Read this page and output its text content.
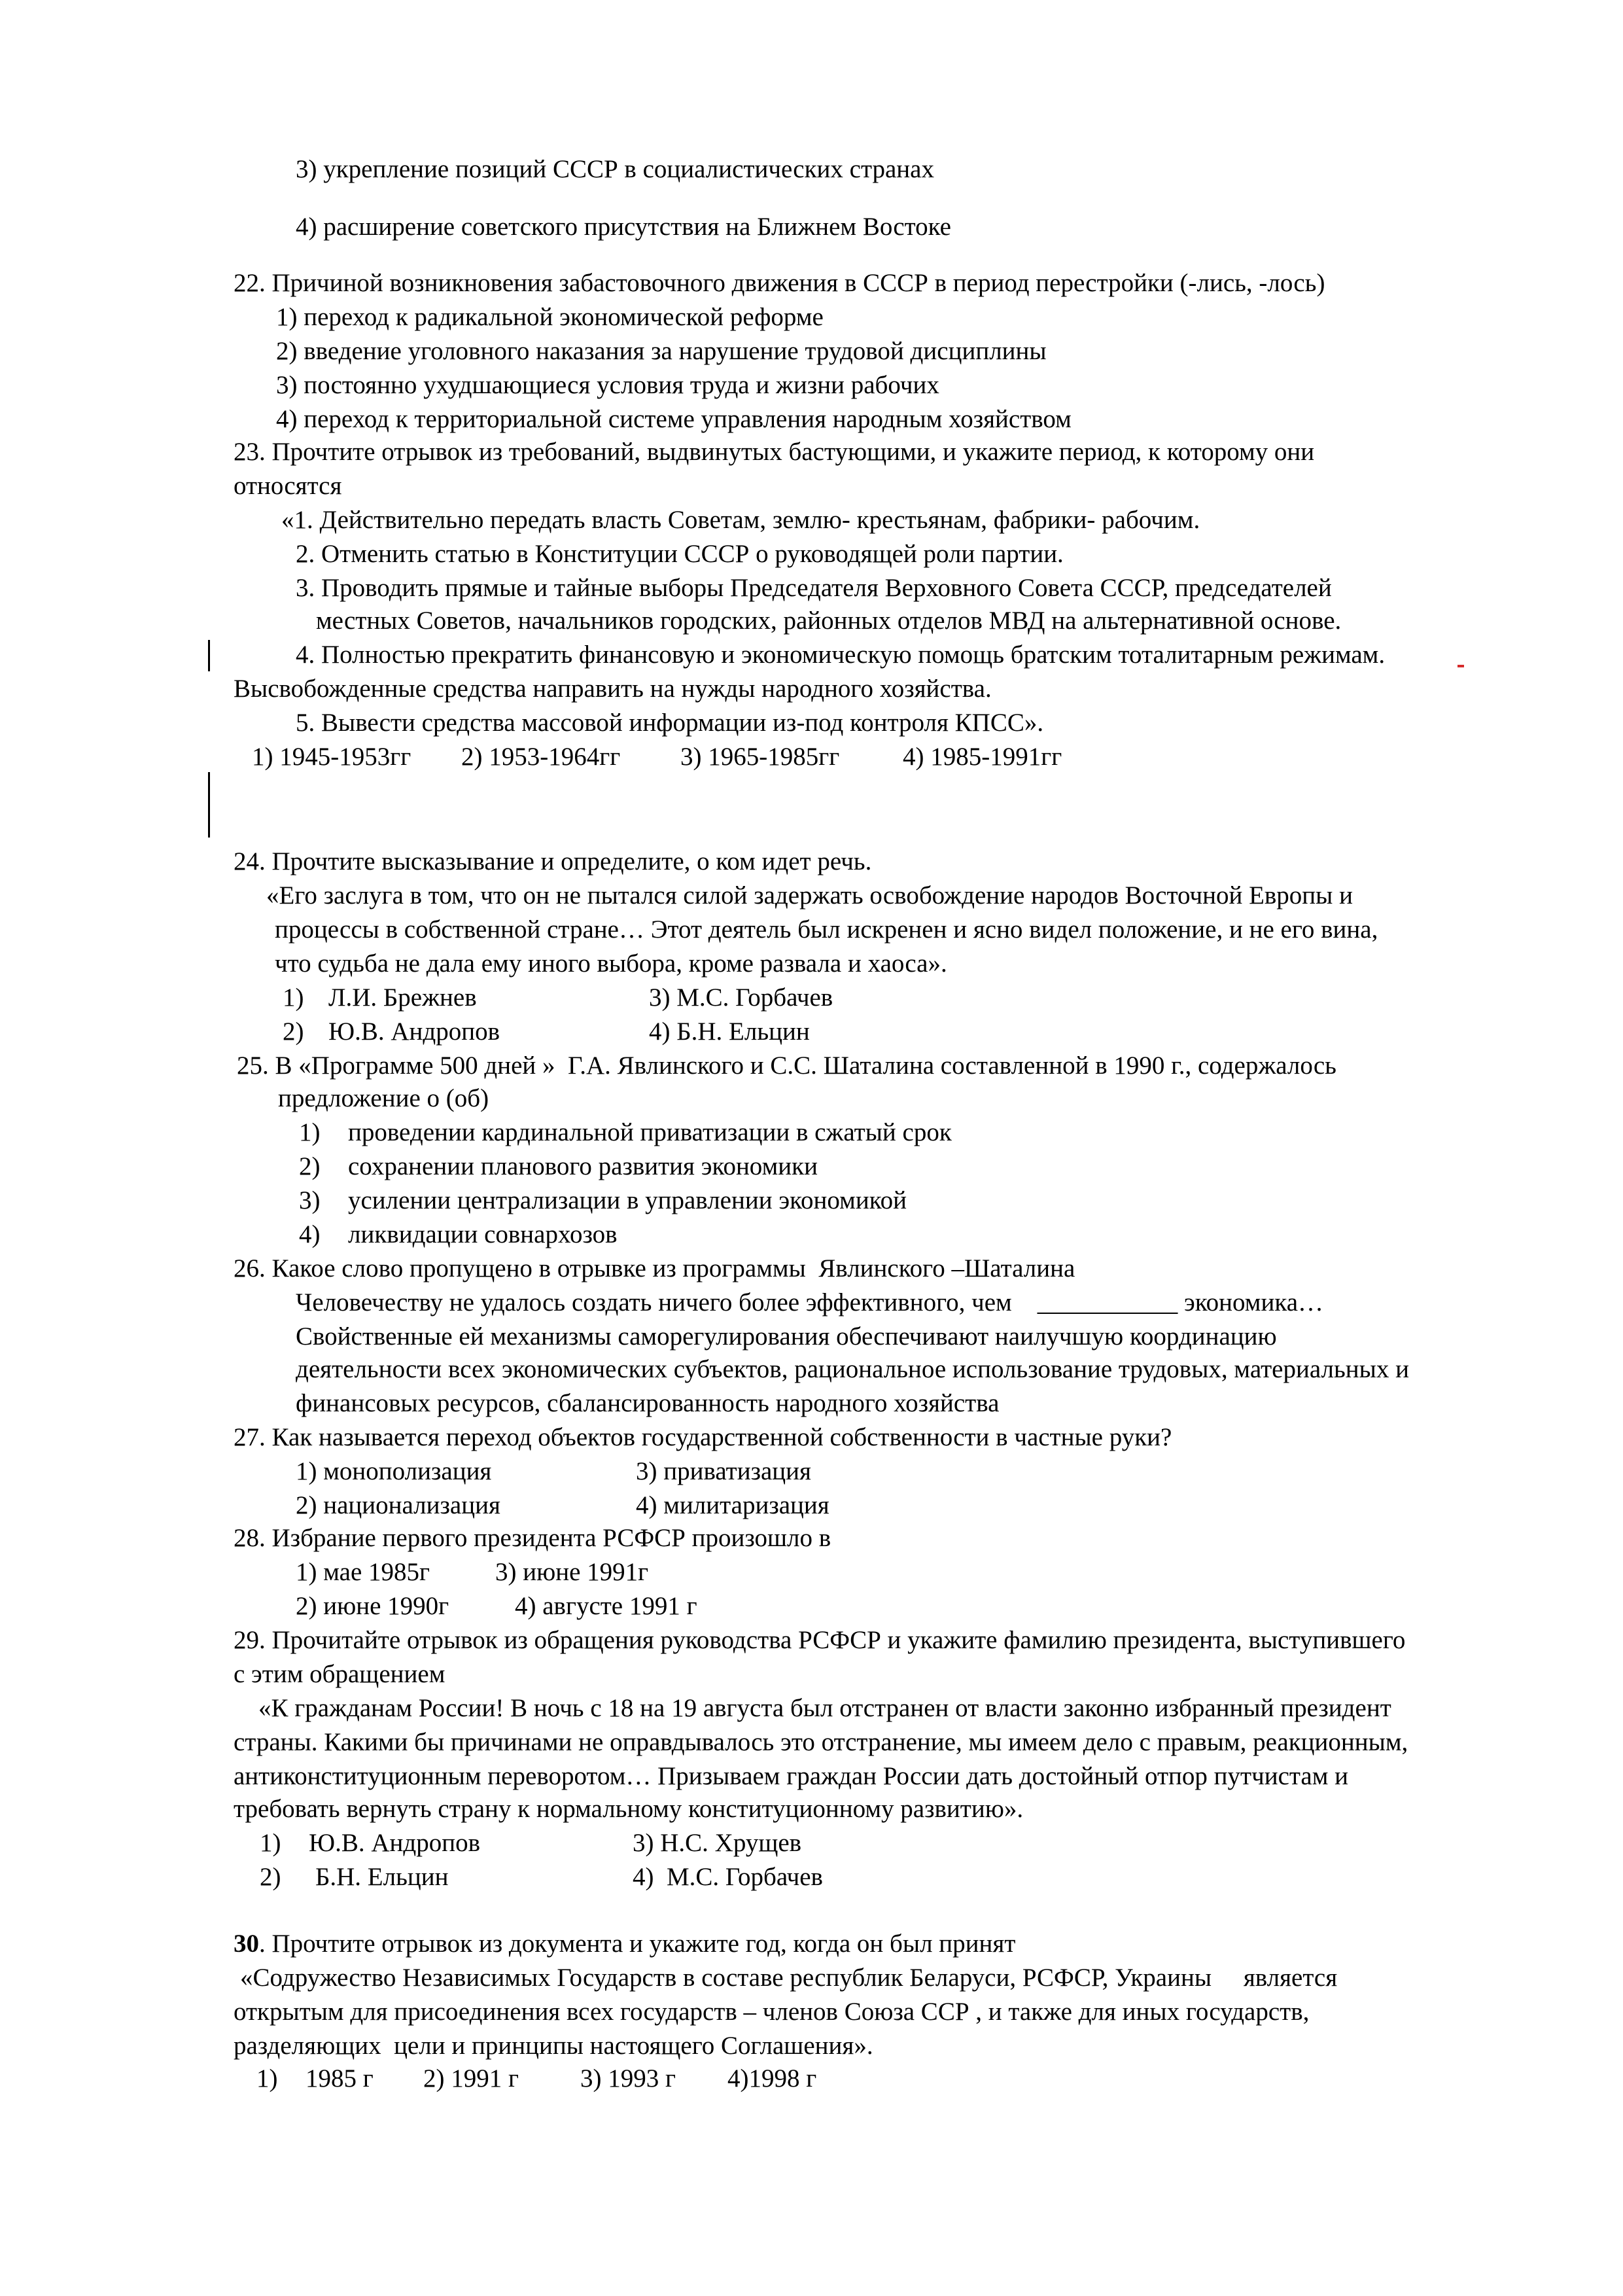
3) укрепление позиций СССР в социалистических странах
4) расширение советского присутствия на Ближнем Востоке
22. Причиной возникновения забастовочного движения в СССР в период перестройки (-лись, -лось)
1) переход к радикальной экономической реформе
2) введение уголовного наказания за нарушение трудовой дисциплины
3) постоянно ухудшающиеся условия труда и жизни рабочих
4) переход к территориальной системе управления народным хозяйством
23. Прочтите отрывок из требований, выдвинутых бастующими, и укажите период, к которому они
относятся
«1. Действительно передать власть Советам, землю- крестьянам, фабрики- рабочим.
2. Отменить статью в Конституции СССР о руководящей роли партии.
3. Проводить прямые и тайные выборы Председателя Верховного Совета СССР, председателей
местных Советов, начальников городских, районных отделов МВД на альтернативной основе.
4. Полностью прекратить финансовую и экономическую помощь братским тоталитарным режимам.
Высвобожденные средства направить на нужды народного хозяйства.
5. Вывести средства массовой информации из-под контроля КПСС».
1) 1945-1953гг 2) 1953-1964гг 3) 1965-1985гг 4) 1985-1991гг
24. Прочтите высказывание и определите, о ком идет речь.
«Его заслуга в том, что он не пытался силой задержать освобождение народов Восточной Европы и
процессы в собственной стране… Этот деятель был искренен и ясно видел положение, и не его вина,
что судьба не дала ему иного выбора, кроме развала и хаоса».
1) Л.И. Брежнев	3) М.С. Горбачев
2) Ю.В. Андропов	4) Б.Н. Ельцин
25. В «Программе 500 дней »  Г.А. Явлинского и С.С. Шаталина составленной в 1990 г., содержалось
предложение о (об)
1) проведении кардинальной приватизации в сжатый срок
2) сохранении планового развития экономики
3) усилении централизации в управлении экономикой
4) ликвидации совнархозов
26. Какое слово пропущено в отрывке из программы  Явлинского –Шаталина
Человечеству не удалось создать ничего более эффективного, чем    ___________ экономика…
Свойственные ей механизмы саморегулирования обеспечивают наилучшую координацию
деятельности всех экономических субъектов, рациональное использование трудовых, материальных и
финансовых ресурсов, сбалансированность народного хозяйства
27. Как называется переход объектов государственной собственности в частные руки?
1) монополизация	3) приватизация
2) национализация	4) милитаризация
28. Избрание первого президента РСФСР произошло в
1) мае 1985г	3) июне 1991г
2) июне 1990г	4) августе 1991 г
29. Прочитайте отрывок из обращения руководства РСФСР и укажите фамилию президента, выступившего
с этим обращением
«К гражданам России! В ночь с 18 на 19 августа был отстранен от власти законно избранный президент
страны. Какими бы причинами не оправдывалось это отстранение, мы имеем дело с правым, реакционным,
антиконституционным переворотом… Призываем граждан России дать достойный отпор путчистам и
требовать вернуть страну к нормальному конституционному развитию».
1) Ю.В. Андропов	3) Н.С. Хрущев
2) Б.Н. Ельцин	4)  М.С. Горбачев
30. Прочтите отрывок из документа и укажите год, когда он был принят
«Содружество Независимых Государств в составе республик Беларуси, РСФСР, Украины     является
открытым для присоединения всех государств – членов Союза ССР , и также для иных государств,
разделяющих  цели и принципы настоящего Соглашения».
1) 1985 г 2) 1991 г 3) 1993 г 4)1998 г
